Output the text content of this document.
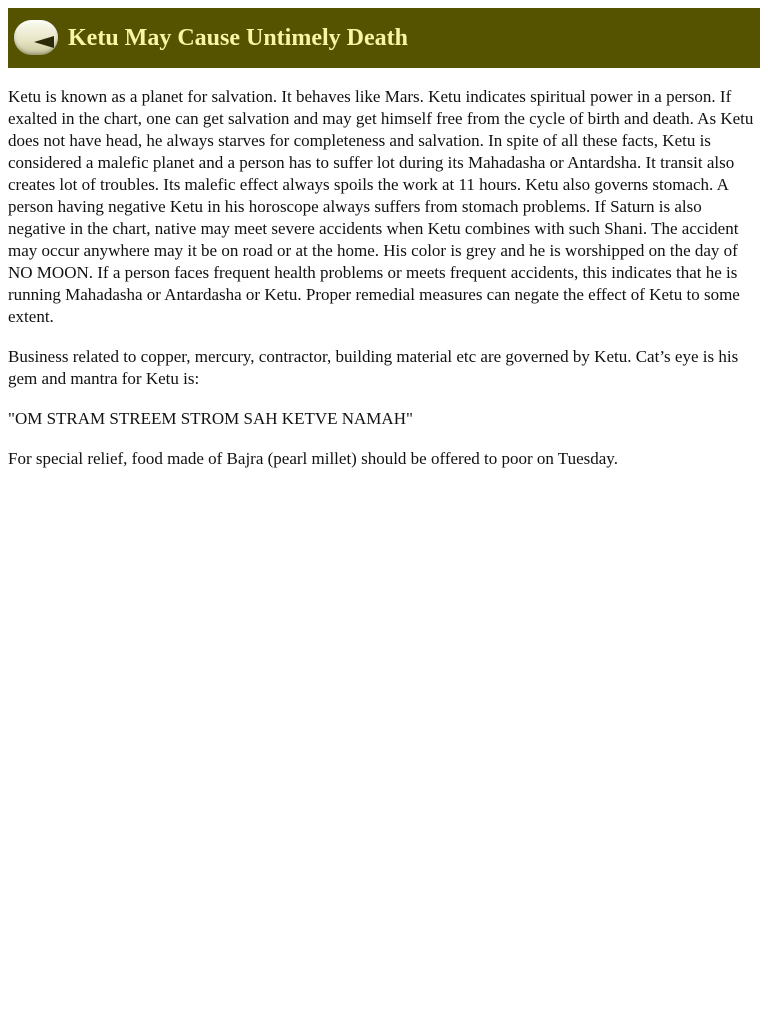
Ketu May Cause Untimely Death

Ketu is known as a planet for salvation. It behaves like Mars. Ketu indicates spiritual power in a person. If exalted in the chart, one can get salvation and may get himself free from the cycle of birth and death. As Ketu does not have head, he always starves for completeness and salvation. In spite of all these facts, Ketu is considered a malefic planet and a person has to suffer lot during its Mahadasha or Antardsha. It transit also creates lot of troubles. Its malefic effect always spoils the work at 11 hours. Ketu also governs stomach. A person having negative Ketu in his horoscope always suffers from stomach problems. If Saturn is also negative in the chart, native may meet severe accidents when Ketu combines with such Shani. The accident may occur anywhere may it be on road or at the home. His color is grey and he is worshipped on the day of NO MOON. If a person faces frequent health problems or meets frequent accidents, this indicates that he is running Mahadasha or Antardasha or Ketu. Proper remedial measures can negate the effect of Ketu to some extent.

Business related to copper, mercury, contractor, building material etc are governed by Ketu. Cat’s eye is his gem and mantra for Ketu is:

"OM STRAM STREEM STROM SAH KETVE NAMAH"

For special relief, food made of Bajra (pearl millet) should be offered to poor on Tuesday.
